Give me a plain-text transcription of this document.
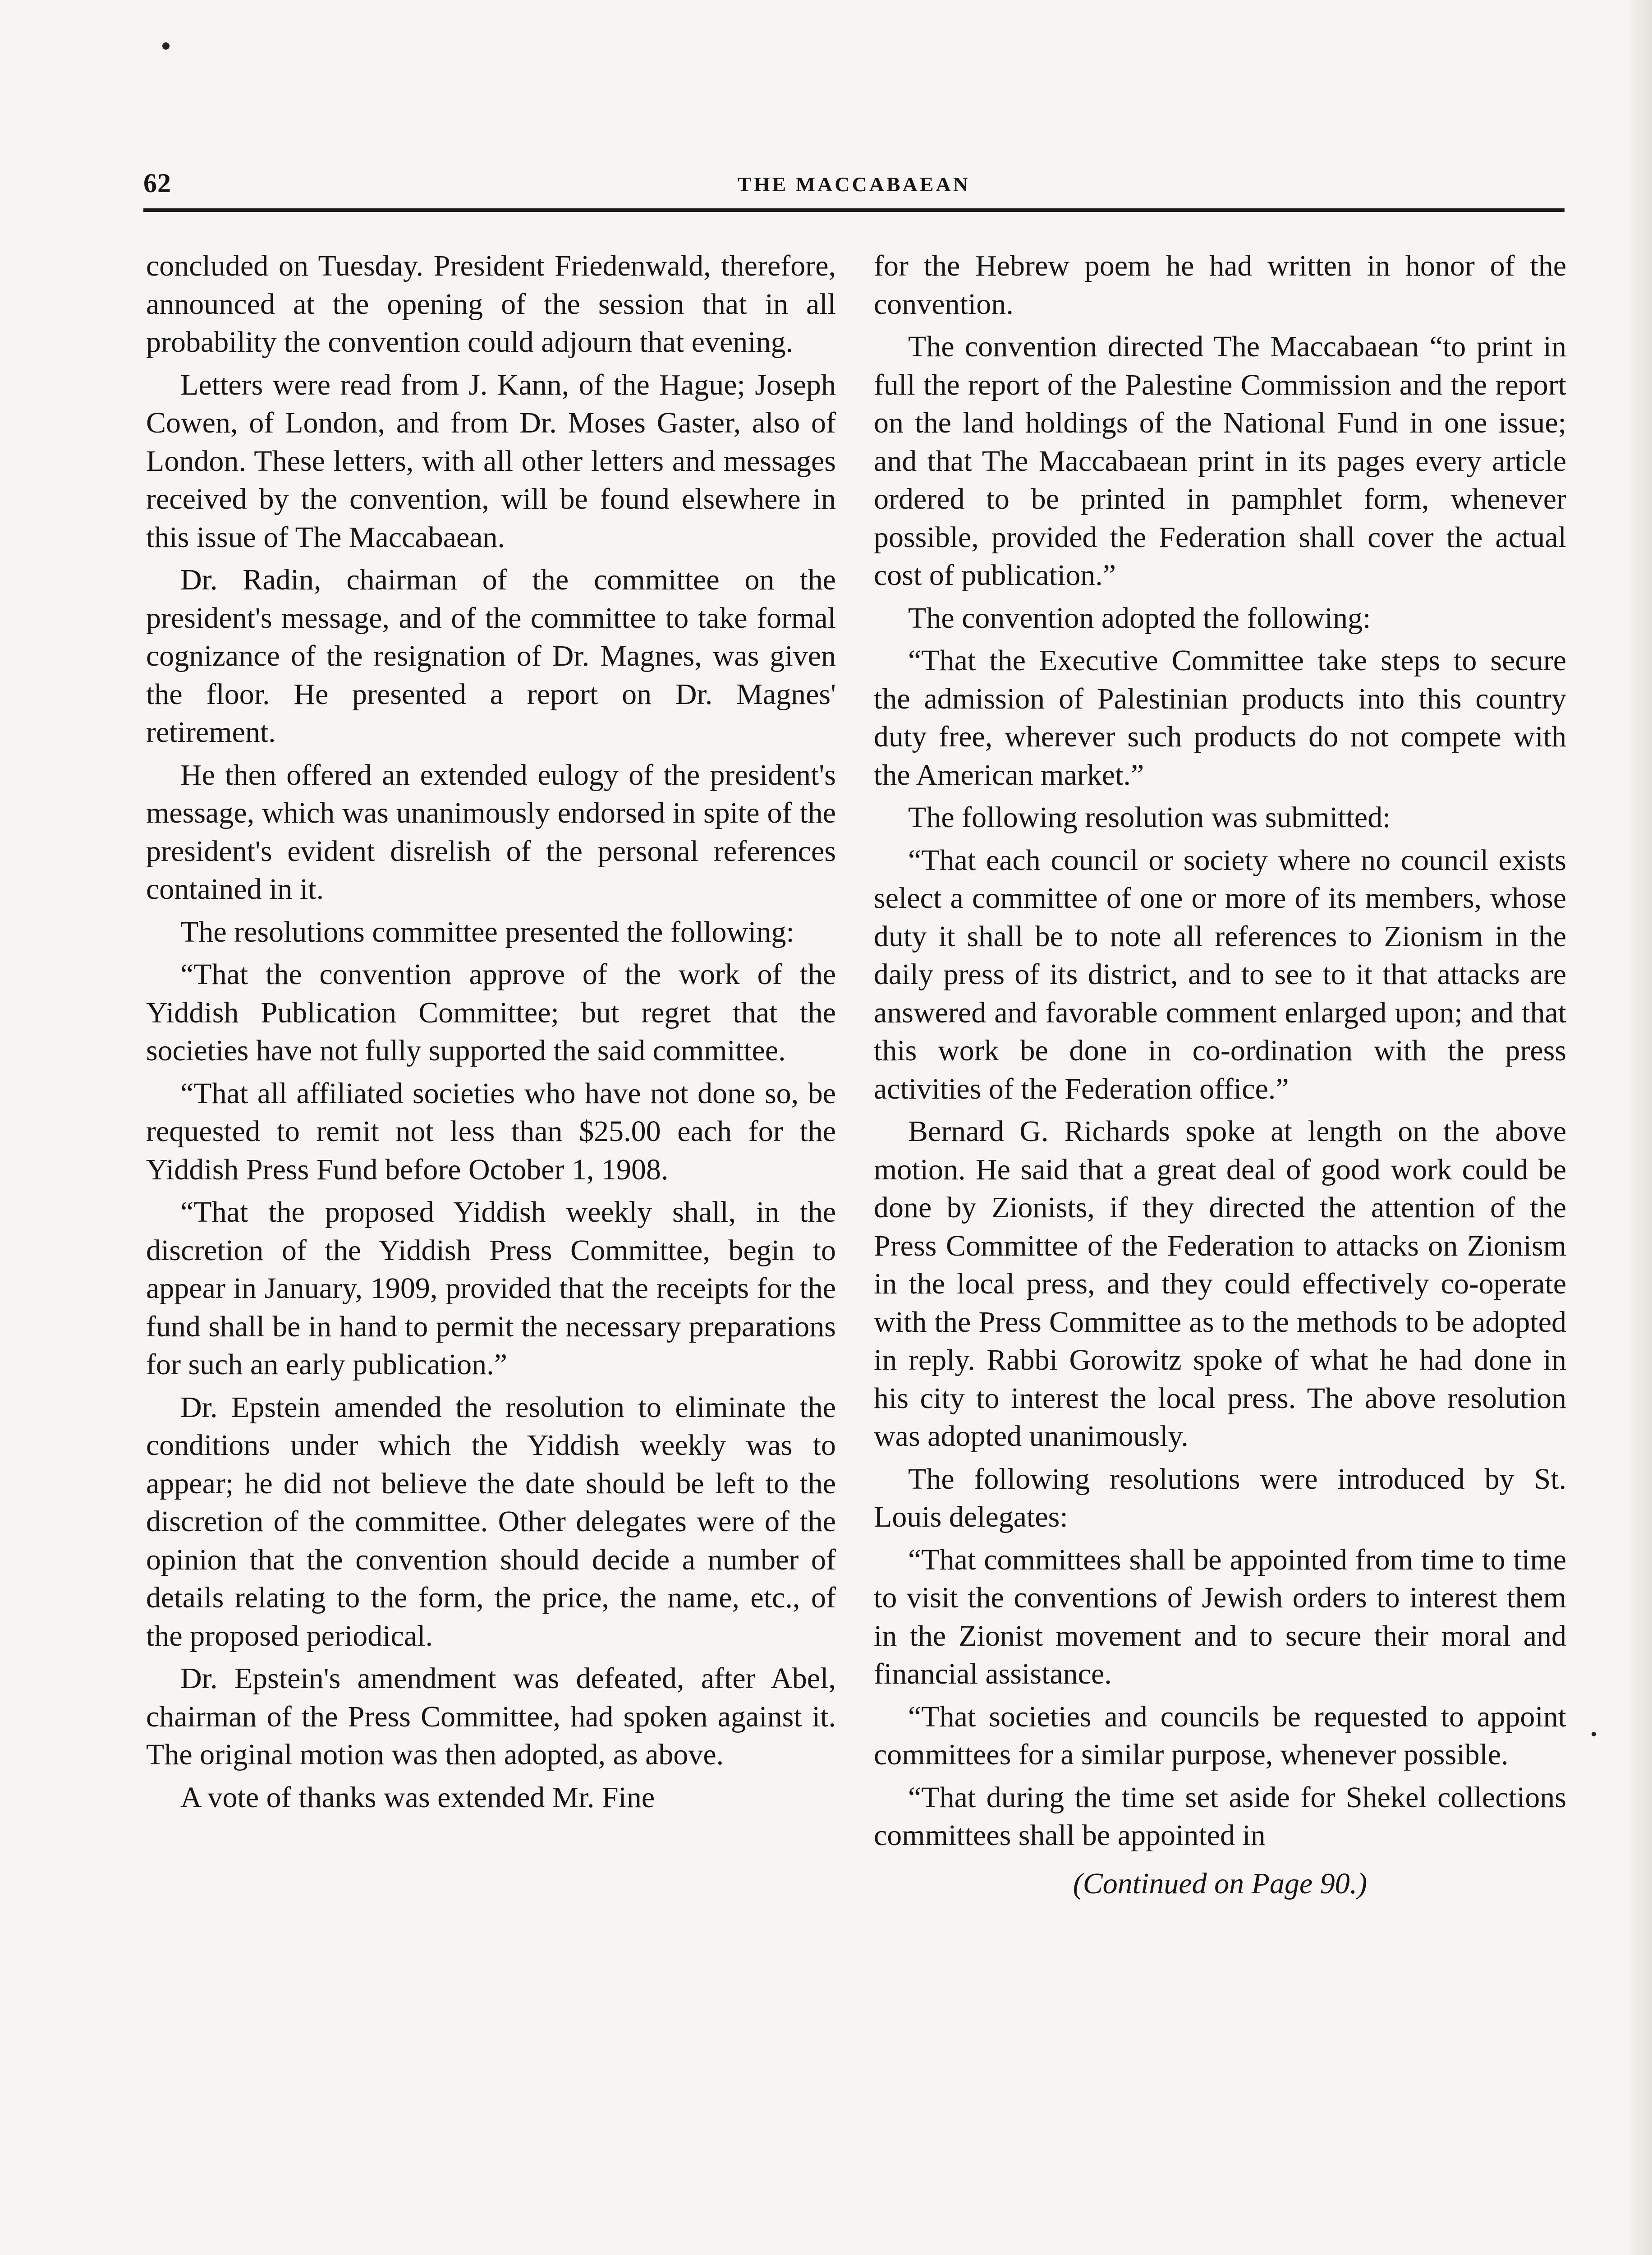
62	THE MACCABAEAN

concluded on Tuesday. President Friedenwald, therefore, announced at the opening of the session that in all probability the convention could adjourn that evening.

Letters were read from J. Kann, of the Hague; Joseph Cowen, of London, and from Dr. Moses Gaster, also of London. These letters, with all other letters and messages received by the convention, will be found elsewhere in this issue of The Maccabaean.

Dr. Radin, chairman of the committee on the president's message, and of the committee to take formal cognizance of the resignation of Dr. Magnes, was given the floor. He presented a report on Dr. Magnes' retirement.

He then offered an extended eulogy of the president's message, which was unanimously endorsed in spite of the president's evident disrelish of the personal references contained in it.

The resolutions committee presented the following:

“That the convention approve of the work of the Yiddish Publication Committee; but regret that the societies have not fully supported the said committee.

“That all affiliated societies who have not done so, be requested to remit not less than $25.00 each for the Yiddish Press Fund before October 1, 1908.

“That the proposed Yiddish weekly shall, in the discretion of the Yiddish Press Committee, begin to appear in January, 1909, provided that the receipts for the fund shall be in hand to permit the necessary preparations for such an early publication.”

Dr. Epstein amended the resolution to eliminate the conditions under which the Yiddish weekly was to appear; he did not believe the date should be left to the discretion of the committee. Other delegates were of the opinion that the convention should decide a number of details relating to the form, the price, the name, etc., of the proposed periodical.

Dr. Epstein's amendment was defeated, after Abel, chairman of the Press Committee, had spoken against it. The original motion was then adopted, as above.

A vote of thanks was extended Mr. Fine

for the Hebrew poem he had written in honor of the convention.

The convention directed The Maccabaean “to print in full the report of the Palestine Commission and the report on the land holdings of the National Fund in one issue; and that The Maccabaean print in its pages every article ordered to be printed in pamphlet form, whenever possible, provided the Federation shall cover the actual cost of publication.”

The convention adopted the following:

“That the Executive Committee take steps to secure the admission of Palestinian products into this country duty free, wherever such products do not compete with the American market.”

The following resolution was submitted:

“That each council or society where no council exists select a committee of one or more of its members, whose duty it shall be to note all references to Zionism in the daily press of its district, and to see to it that attacks are answered and favorable comment enlarged upon; and that this work be done in co-ordination with the press activities of the Federation office.”

Bernard G. Richards spoke at length on the above motion. He said that a great deal of good work could be done by Zionists, if they directed the attention of the Press Committee of the Federation to attacks on Zionism in the local press, and they could effectively co-operate with the Press Committee as to the methods to be adopted in reply. Rabbi Gorowitz spoke of what he had done in his city to interest the local press. The above resolution was adopted unanimously.

The following resolutions were introduced by St. Louis delegates:

“That committees shall be appointed from time to time to visit the conventions of Jewish orders to interest them in the Zionist movement and to secure their moral and financial assistance.

“That societies and councils be requested to appoint committees for a similar purpose, whenever possible.

“That during the time set aside for Shekel collections committees shall be appointed in

(Continued on Page 90.)
